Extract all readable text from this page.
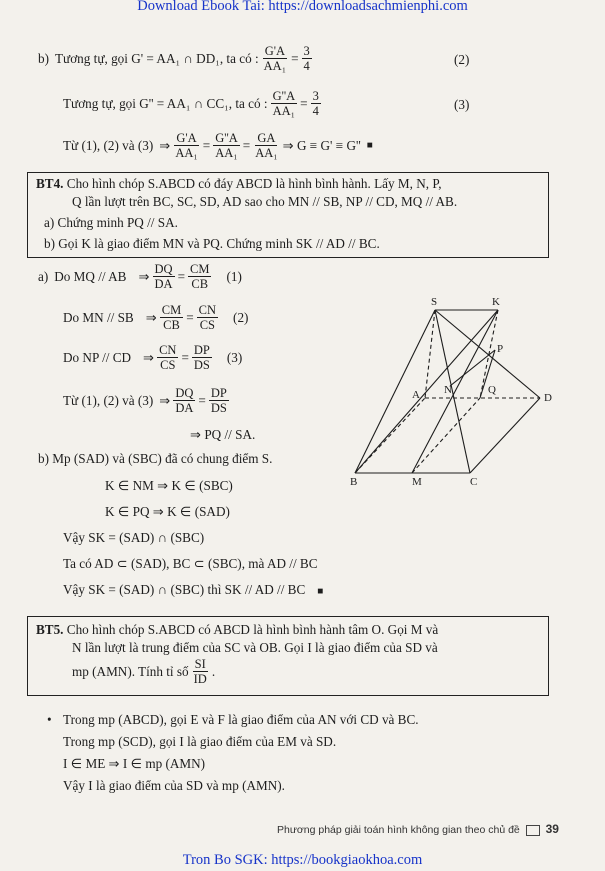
Download Ebook Tai: https://downloadsachmienphi.com
b) Tương tự, gọi G' = AA₁ ∩ DD₁, ta có : $\frac{G'A}{\text{AA₁}} = \frac{3}{4}$	(2)
Tương tự, gọi G'' = AA₁ ∩ CC₁, ta có : $\frac{G''A}{\text{AA₁}} = \frac{3}{4}$	(3)
Từ (1), (2) và (3) ⇒ $\frac{G'A}{\text{AA₁}} = \frac{G''A}{\text{AA₁}} = \frac{GA}{\text{AA₁}}$ ⇒ G ≡ G' ≡ G'' ■
BT4. Cho hình chóp S.ABCD có đáy ABCD là hình bình hành. Lấy M, N, P,
Q lần lượt trên BC, SC, SD, AD sao cho MN // SB, NP // CD, MQ // AB.
a) Chứng minh PQ // SA.
b) Gọi K là giao điểm MN và PQ. Chứng minh SK // AD // BC.
a) Do MQ // AB ⇒ $\frac{DQ}{DA} = \frac{CM}{CB} (1)$
Do MN // SB ⇒ $\frac{CM}{CB} = \frac{CN}{CS} (2)$
Do NP // CD ⇒ $\frac{CN}{CS} = \frac{DP}{DS} (3)$
Từ (1), (2) và (3) ⇒ $\frac{DQ}{DA} = \frac{DP}{DS}$
⇒ PQ // SA.
S	K
P
A N	Q
D
B	M	C
b) Mp (SAD) và (SBC) đã có chung điểm S.
K ∈ NM ⇒ K ∈ (SBC)
K ∈ PQ ⇒ K ∈ (SAD)
Vậy SK = (SAD) ∩ (SBC)
Ta có AD ⊂ (SAD), BC ⊂ (SBC), mà AD // BC
Vậy SK = (SAD) ∩ (SBC) thì SK // AD // BC ■
BT5. Cho hình chóp S.ABCD có ABCD là hình bình hành tâm O. Gọi M và
N lần lượt là trung điểm của SC và OB. Gọi I là giao điểm của SD và
mp (AMN). Tính tỉ số $\frac{SI}{ID}$ .
• Trong mp (ABCD), gọi E và F là giao điểm của AN với CD và BC.
Trong mp (SCD), gọi I là giao điểm của EM và SD.
I ∈ ME ⇒ I ∈ mp (AMN)
Vậy I là giao điểm của SD và mp (AMN).
Phương pháp giải toán hình không gian theo chủ đề 39
Tron Bo SGK: https://bookgiaokhoa.com
